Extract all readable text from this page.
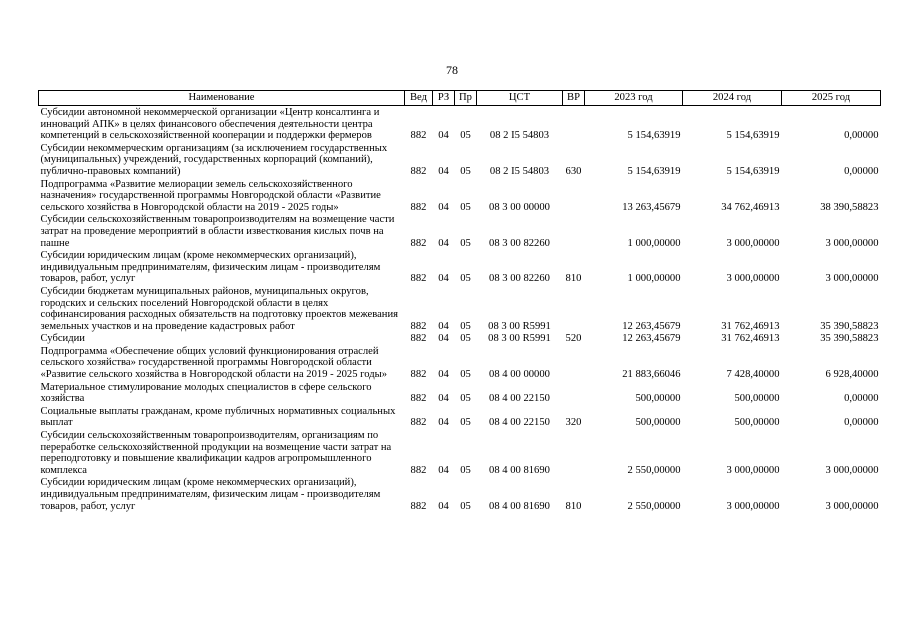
78
Наименование	Вед	РЗ	Пр	ЦСТ	ВР	2023 год	2024 год	2025 год
Субсидии автономной некоммерческой организации «Центр консалтинга и инноваций АПК» в целях финансового обеспечения деятельности центра компетенций в сельскохозяйственной кооперации и поддержки фермеров	882	04	05	08 2 I5 54803		5 154,63919	5 154,63919	0,00000
Субсидии некоммерческим организациям (за исключением государственных (муниципальных) учреждений, государственных корпораций (компаний), публично-правовых компаний)	882	04	05	08 2 I5 54803	630	5 154,63919	5 154,63919	0,00000
Подпрограмма «Развитие мелиорации земель сельскохозяйственного назначения» государственной программы Новгородской области «Развитие сельского хозяйства в Новгородской области на 2019 - 2025 годы»	882	04	05	08 3 00 00000		13 263,45679	34 762,46913	38 390,58823
Субсидии сельскохозяйственным товаропроизводителям на возмещение части затрат на проведение мероприятий в области известкования кислых почв на пашне	882	04	05	08 3 00 82260		1 000,00000	3 000,00000	3 000,00000
Субсидии юридическим лицам (кроме некоммерческих организаций), индивидуальным предпринимателям, физическим лицам - производителям товаров, работ, услуг	882	04	05	08 3 00 82260	810	1 000,00000	3 000,00000	3 000,00000
Субсидии бюджетам муниципальных районов, муниципальных округов, городских и сельских поселений Новгородской области в целях софинансирования расходных обязательств на подготовку проектов межевания земельных участков и на проведение кадастровых работ	882	04	05	08 3 00 R5991		12 263,45679	31 762,46913	35 390,58823
Субсидии	882	04	05	08 3 00 R5991	520	12 263,45679	31 762,46913	35 390,58823
Подпрограмма «Обеспечение общих условий функционирования отраслей сельского хозяйства» государственной программы Новгородской области «Развитие сельского хозяйства в Новгородской области на 2019 - 2025 годы»	882	04	05	08 4 00 00000		21 883,66046	7 428,40000	6 928,40000
Материальное стимулирование молодых специалистов в сфере сельского хозяйства	882	04	05	08 4 00 22150		500,00000	500,00000	0,00000
Социальные выплаты гражданам, кроме публичных нормативных социальных выплат	882	04	05	08 4 00 22150	320	500,00000	500,00000	0,00000
Субсидии сельскохозяйственным товаропроизводителям, организациям по переработке сельскохозяйственной продукции на возмещение части затрат на переподготовку и повышение квалификации кадров агропромышленного комплекса	882	04	05	08 4 00 81690		2 550,00000	3 000,00000	3 000,00000
Субсидии юридическим лицам (кроме некоммерческих организаций), индивидуальным предпринимателям, физическим лицам - производителям товаров, работ, услуг	882	04	05	08 4 00 81690	810	2 550,00000	3 000,00000	3 000,00000
